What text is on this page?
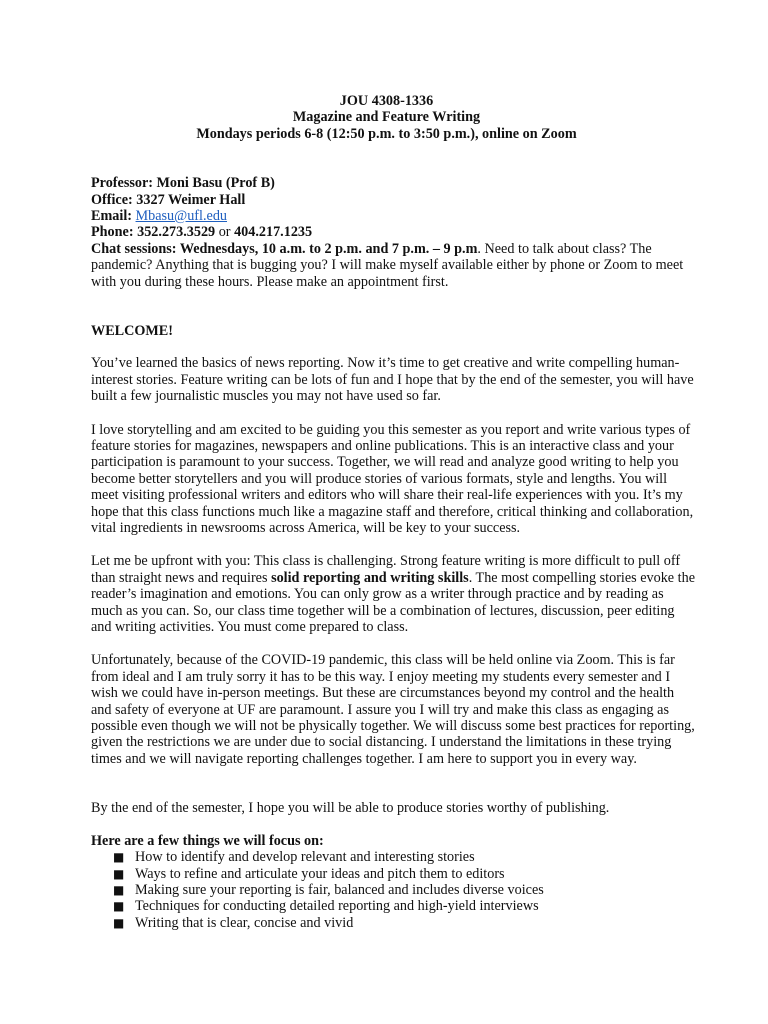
JOU 4308-1336
Magazine and Feature Writing
Mondays periods 6-8 (12:50 p.m. to 3:50 p.m.), online on Zoom
Professor: Moni Basu (Prof B)
Office: 3327 Weimer Hall
Email: Mbasu@ufl.edu
Phone: 352.273.3529 or 404.217.1235
Chat sessions: Wednesdays, 10 a.m. to 2 p.m. and 7 p.m. – 9 p.m. Need to talk about class? The pandemic? Anything that is bugging you? I will make myself available either by phone or Zoom to meet with you during these hours. Please make an appointment first.
WELCOME!

You’ve learned the basics of news reporting. Now it’s time to get creative and write compelling human-interest stories. Feature writing can be lots of fun and I hope that by the end of the semester, you will have built a few journalistic muscles you may not have used so far.

I love storytelling and am excited to be guiding you this semester as you report and write various types of feature stories for magazines, newspapers and online publications. This is an interactive class and your participation is paramount to your success. Together, we will read and analyze good writing to help you become better storytellers and you will produce stories of various formats, style and lengths. You will meet visiting professional writers and editors who will share their real-life experiences with you. It’s my hope that this class functions much like a magazine staff and therefore, critical thinking and collaboration, vital ingredients in newsrooms across America, will be key to your success.

Let me be upfront with you: This class is challenging. Strong feature writing is more difficult to pull off than straight news and requires solid reporting and writing skills. The most compelling stories evoke the reader’s imagination and emotions. You can only grow as a writer through practice and by reading as much as you can. So, our class time together will be a combination of lectures, discussion, peer editing and writing activities. You must come prepared to class.

Unfortunately, because of the COVID-19 pandemic, this class will be held online via Zoom. This is far from ideal and I am truly sorry it has to be this way. I enjoy meeting my students every semester and I wish we could have in-person meetings. But these are circumstances beyond my control and the health and safety of everyone at UF are paramount. I assure you I will try and make this class as engaging as possible even though we will not be physically together. We will discuss some best practices for reporting, given the restrictions we are under due to social distancing. I understand the limitations in these trying times and we will navigate reporting challenges together. I am here to support you in every way.

By the end of the semester, I hope you will be able to produce stories worthy of publishing.

Here are a few things we will focus on:
■ How to identify and develop relevant and interesting stories
■ Ways to refine and articulate your ideas and pitch them to editors
■ Making sure your reporting is fair, balanced and includes diverse voices
■ Techniques for conducting detailed reporting and high-yield interviews
■ Writing that is clear, concise and vivid
